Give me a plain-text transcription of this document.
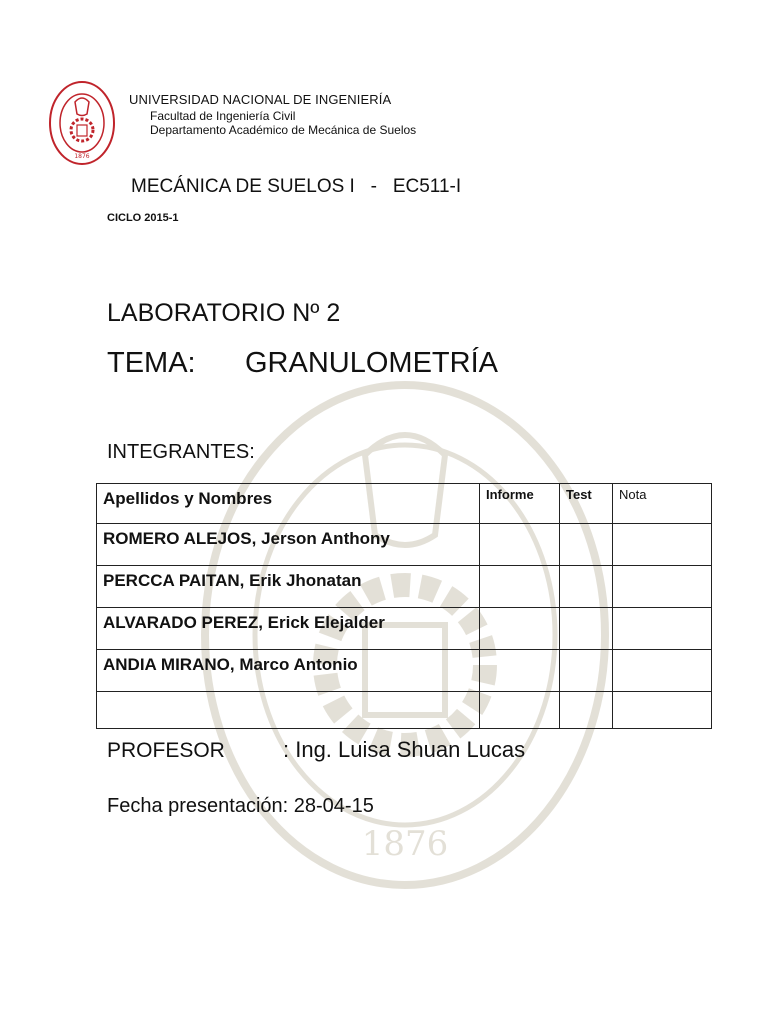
1876
1876
UNIVERSIDAD NACIONAL DE INGENIERÍA
Facultad de Ingeniería Civil
Departamento Académico de Mecánica de Suelos
MECÁNICA DE SUELOS I   -   EC511-I
CICLO 2015-1
LABORATORIO Nº 2
TEMA: GRANULOMETRÍA
INTEGRANTES:
Apellidos y Nombres	Informe	Test	Nota
ROMERO ALEJOS, Jerson Anthony			
PERCCA PAITAN, Erik Jhonatan			
ALVARADO PEREZ, Erick Elejalder			
ANDIA MIRANO, Marco Antonio			

PROFESOR	: Ing. Luisa Shuan Lucas
Fecha presentación: 28-04-15
